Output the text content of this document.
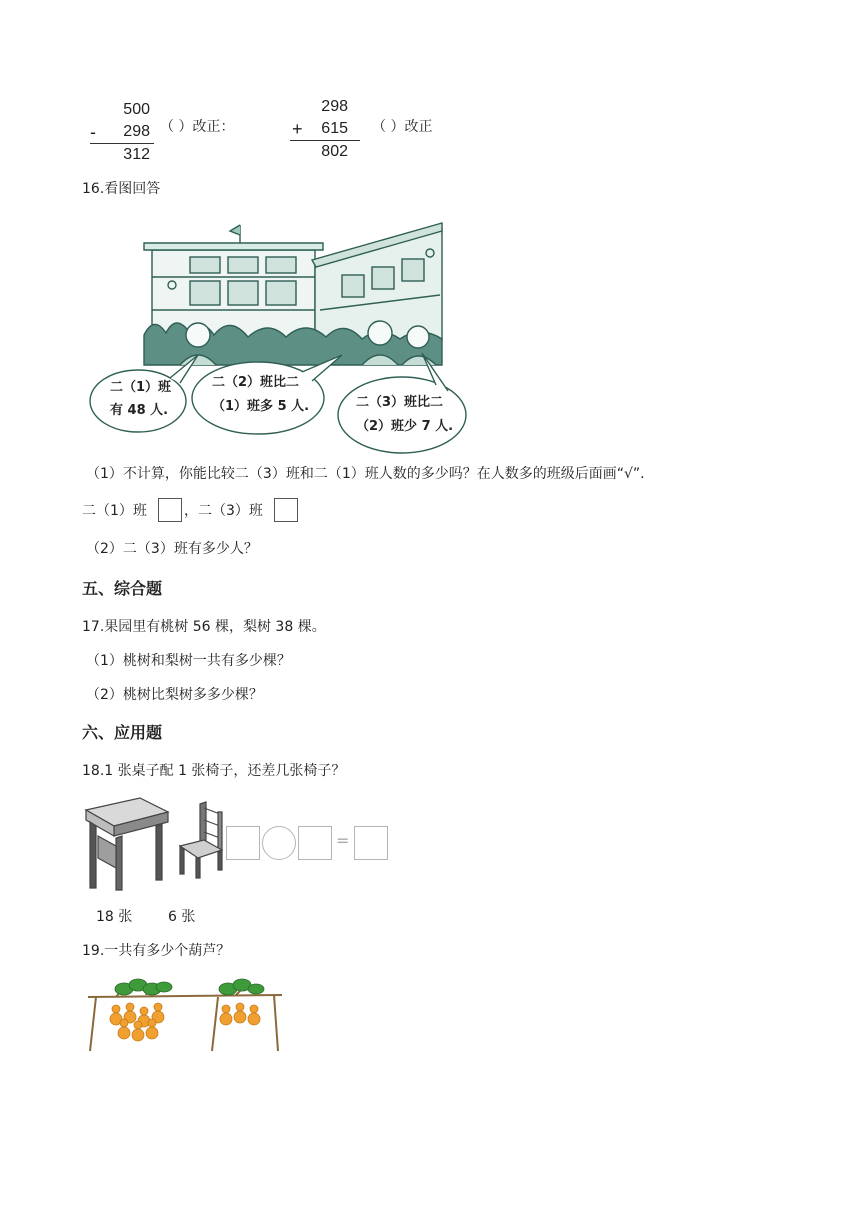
500
-	298
312
（ ）改正：
298
+	615
802
（ ）改正
16.看图回答
二（1）班
有 48 人.
二（2）班比二
（1）班多 5 人.	二（3）班比二
（2）班少 7 人.
（1）不计算，你能比较二（3）班和二（1）班人数的多少吗？在人数多的班级后面画“√”.
二（1）班	， 二（3）班
（2）二（3）班有多少人？
五、综合题
17.果园里有桃树 56 棵，梨树 38 棵。
（1）桃树和梨树一共有多少棵？
（2）桃树比梨树多多少棵？
六、应用题
18.1 张桌子配 1 张椅子，还差几张椅子？
=
18 张	6 张
19.一共有多少个葫芦？
